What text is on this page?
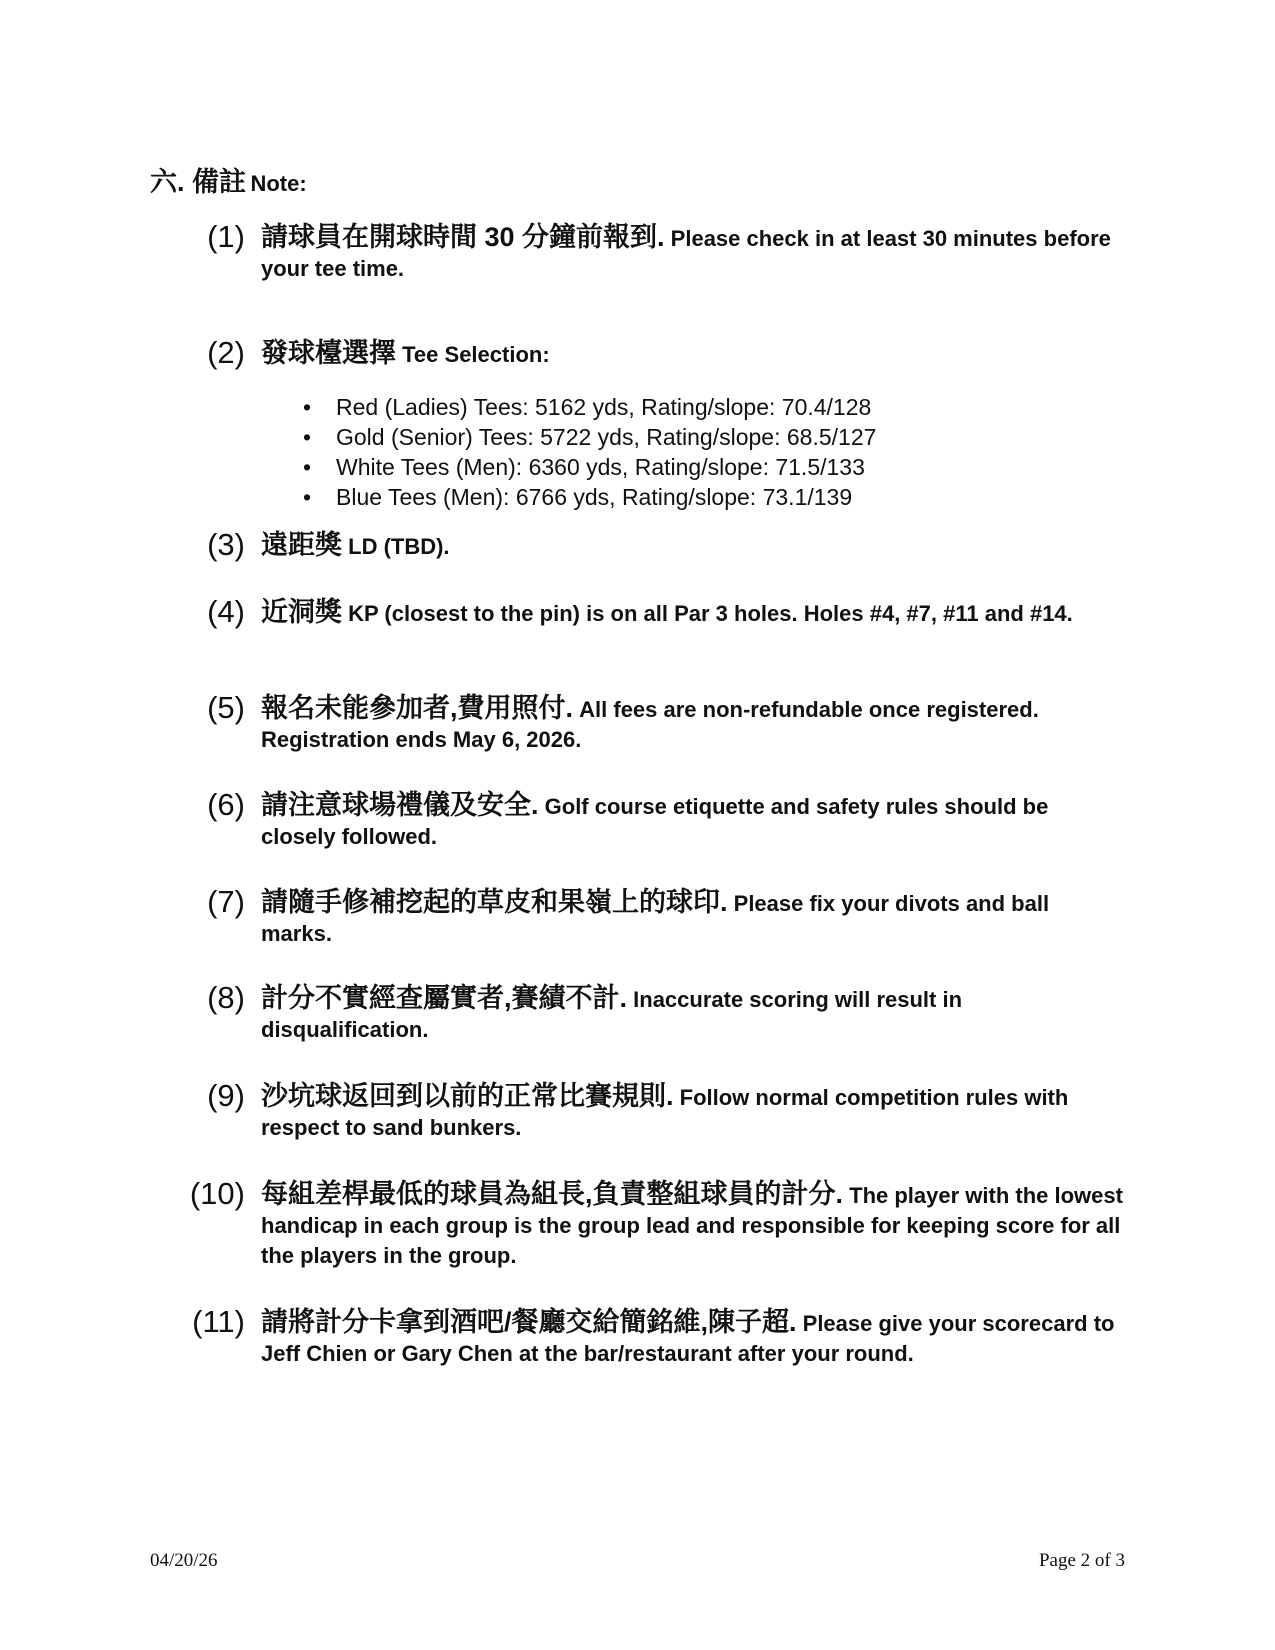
六. 備註 Note:
(1) 請球員在開球時間 30 分鐘前報到. Please check in at least 30 minutes before your tee time.
(2) 發球檯選擇 Tee Selection:
• Red (Ladies) Tees: 5162 yds, Rating/slope: 70.4/128
• Gold (Senior) Tees: 5722 yds, Rating/slope: 68.5/127
• White Tees (Men): 6360 yds, Rating/slope: 71.5/133
• Blue Tees (Men): 6766 yds, Rating/slope: 73.1/139
(3) 遠距獎 LD (TBD).
(4) 近洞獎 KP (closest to the pin) is on all Par 3 holes. Holes #4, #7, #11 and #14.
(5) 報名未能參加者,費用照付. All fees are non-refundable once registered. Registration ends May 6, 2026.
(6) 請注意球場禮儀及安全. Golf course etiquette and safety rules should be closely followed.
(7) 請隨手修補挖起的草皮和果嶺上的球印. Please fix your divots and ball marks.
(8) 計分不實經查屬實者,賽績不計. Inaccurate scoring will result in disqualification.
(9) 沙坑球返回到以前的正常比賽規則. Follow normal competition rules with respect to sand bunkers.
(10) 每組差桿最低的球員為組長,負責整組球員的計分. The player with the lowest handicap in each group is the group lead and responsible for keeping score for all the players in the group.
(11) 請將計分卡拿到酒吧/餐廳交給簡銘維,陳子超. Please give your scorecard to Jeff Chien or Gary Chen at the bar/restaurant after your round.
04/20/26	Page 2 of 3
